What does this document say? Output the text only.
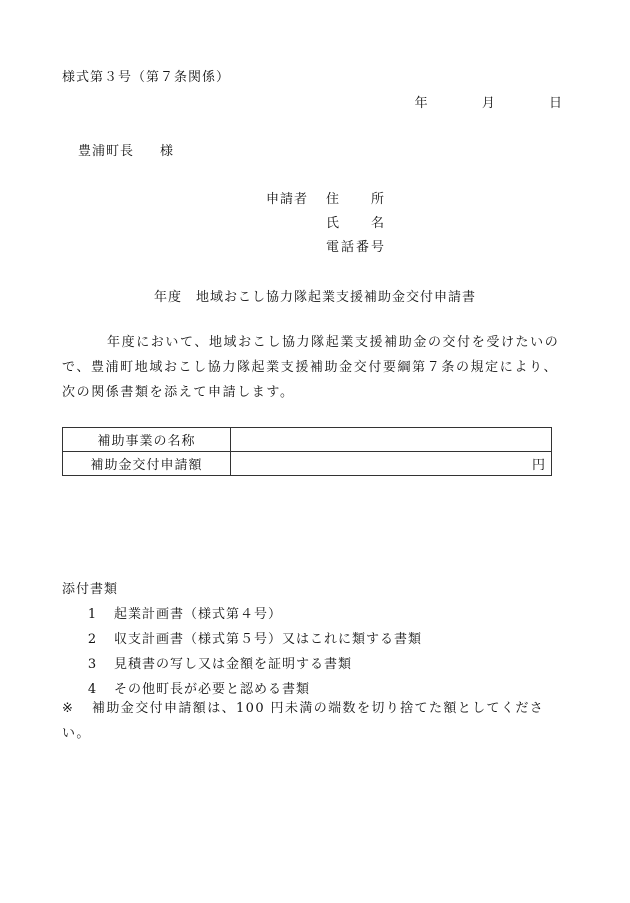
様式第３号（第７条関係）
年	月	日
豊浦町長 様
申請者	住　　所
氏　　名
電話番号
年度 地域おこし協力隊起業支援補助金交付申請書
年度において、地域おこし協力隊起業支援補助金の交付を受けたいので、豊浦町地域おこし協力隊起業支援補助金交付要綱第７条の規定により、次の関係書類を添えて申請します。
補助事業の名称	
補助金交付申請額	円
添付書類
1	起業計画書（様式第４号）
2	収支計画書（様式第５号）又はこれに類する書類
3	見積書の写し又は金額を証明する書類
4	その他町長が必要と認める書類
※ 補助金交付申請額は、100 円未満の端数を切り捨てた額としてください。
